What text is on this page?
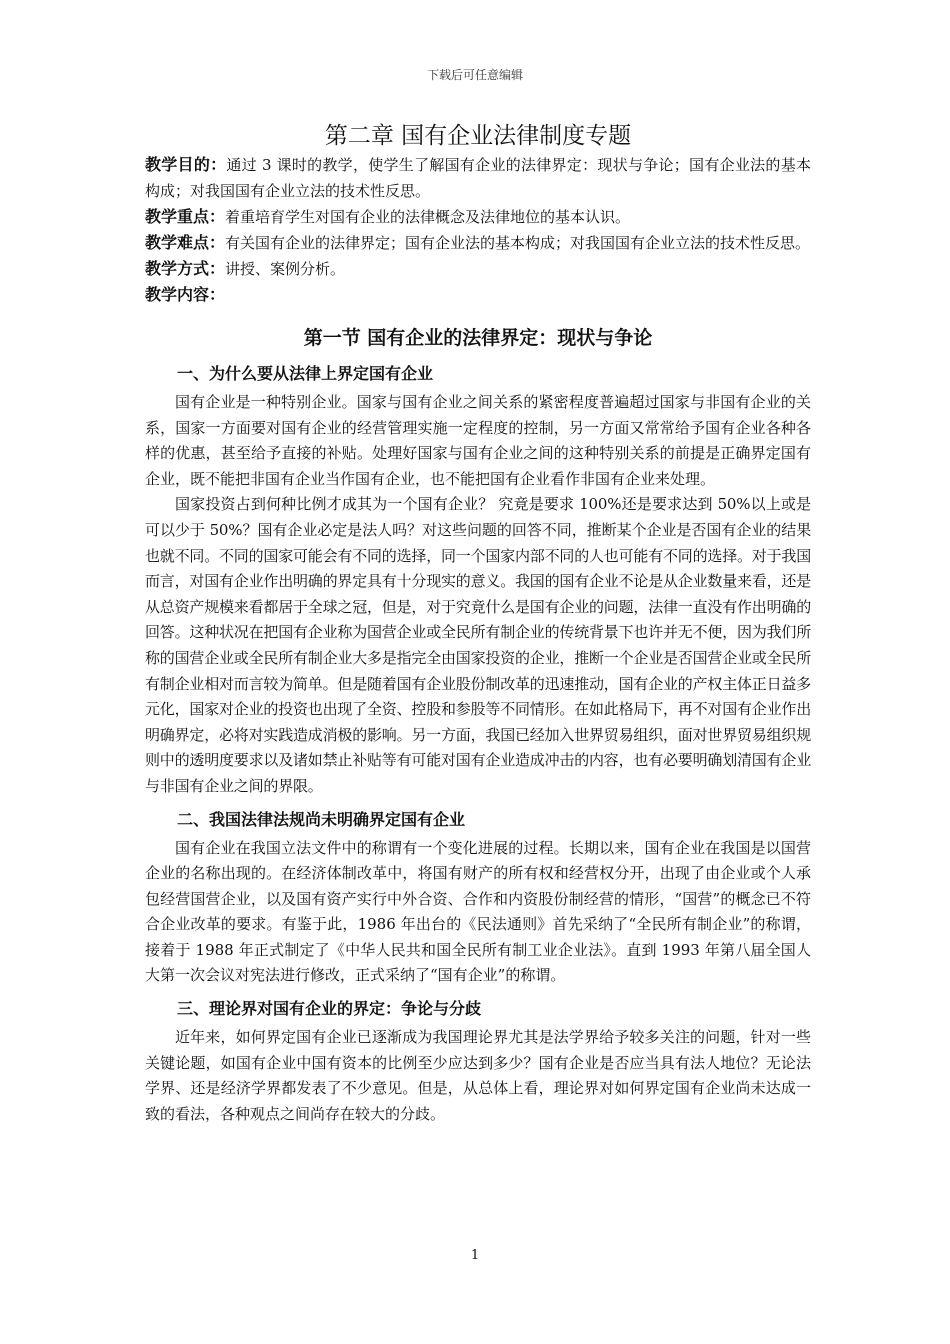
下载后可任意编辑
第二章 国有企业法律制度专题

教学目的：通过 3 课时的教学，使学生了解国有企业的法律界定：现状与争论；国有企业法的基本构成；对我国国有企业立法的技术性反思。

教学重点：着重培育学生对国有企业的法律概念及法律地位的基本认识。

教学难点：有关国有企业的法律界定；国有企业法的基本构成；对我国国有企业立法的技术性反思。

教学方式：讲授、案例分析。

教学内容：

第一节 国有企业的法律界定：现状与争论
一、为什么要从法律上界定国有企业

国有企业是一种特别企业。国家与国有企业之间关系的紧密程度普遍超过国家与非国有企业的关系，国家一方面要对国有企业的经营管理实施一定程度的控制，另一方面又常常给予国有企业各种各样的优惠，甚至给予直接的补贴。处理好国家与国有企业之间的这种特别关系的前提是正确界定国有企业，既不能把非国有企业当作国有企业，也不能把国有企业看作非国有企业来处理。

国家投资占到何种比例才成其为一个国有企业？ 究竟是要求 100%还是要求达到 50%以上或是可以少于 50%？国有企业必定是法人吗？对这些问题的回答不同，推断某个企业是否国有企业的结果也就不同。不同的国家可能会有不同的选择，同一个国家内部不同的人也可能有不同的选择。对于我国而言，对国有企业作出明确的界定具有十分现实的意义。我国的国有企业不论是从企业数量来看，还是从总资产规模来看都居于全球之冠，但是，对于究竟什么是国有企业的问题，法律一直没有作出明确的回答。这种状况在把国有企业称为国营企业或全民所有制企业的传统背景下也许并无不便，因为我们所称的国营企业或全民所有制企业大多是指完全由国家投资的企业，推断一个企业是否国营企业或全民所有制企业相对而言较为简单。但是随着国有企业股份制改革的迅速推动，国有企业的产权主体正日益多元化，国家对企业的投资也出现了全资、控股和参股等不同情形。在如此格局下，再不对国有企业作出明确界定，必将对实践造成消极的影响。另一方面，我国已经加入世界贸易组织，面对世界贸易组织规则中的透明度要求以及诸如禁止补贴等有可能对国有企业造成冲击的内容，也有必要明确划清国有企业与非国有企业之间的界限。

二、我国法律法规尚未明确界定国有企业

国有企业在我国立法文件中的称谓有一个变化进展的过程。长期以来，国有企业在我国是以国营企业的名称出现的。在经济体制改革中，将国有财产的所有权和经营权分开，出现了由企业或个人承包经营国营企业，以及国有资产实行中外合资、合作和内资股份制经营的情形，“国营”的概念已不符合企业改革的要求。有鉴于此，1986 年出台的《民法通则》首先采纳了“全民所有制企业”的称谓，接着于 1988 年正式制定了《中华人民共和国全民所有制工业企业法》。直到 1993 年第八届全国人大第一次会议对宪法进行修改，正式采纳了“国有企业”的称谓。

三、理论界对国有企业的界定：争论与分歧

近年来，如何界定国有企业已逐渐成为我国理论界尤其是法学界给予较多关注的问题，针对一些关键论题，如国有企业中国有资本的比例至少应达到多少？国有企业是否应当具有法人地位？无论法学界、还是经济学界都发表了不少意见。但是，从总体上看，理论界对如何界定国有企业尚未达成一致的看法，各种观点之间尚存在较大的分歧。

1
